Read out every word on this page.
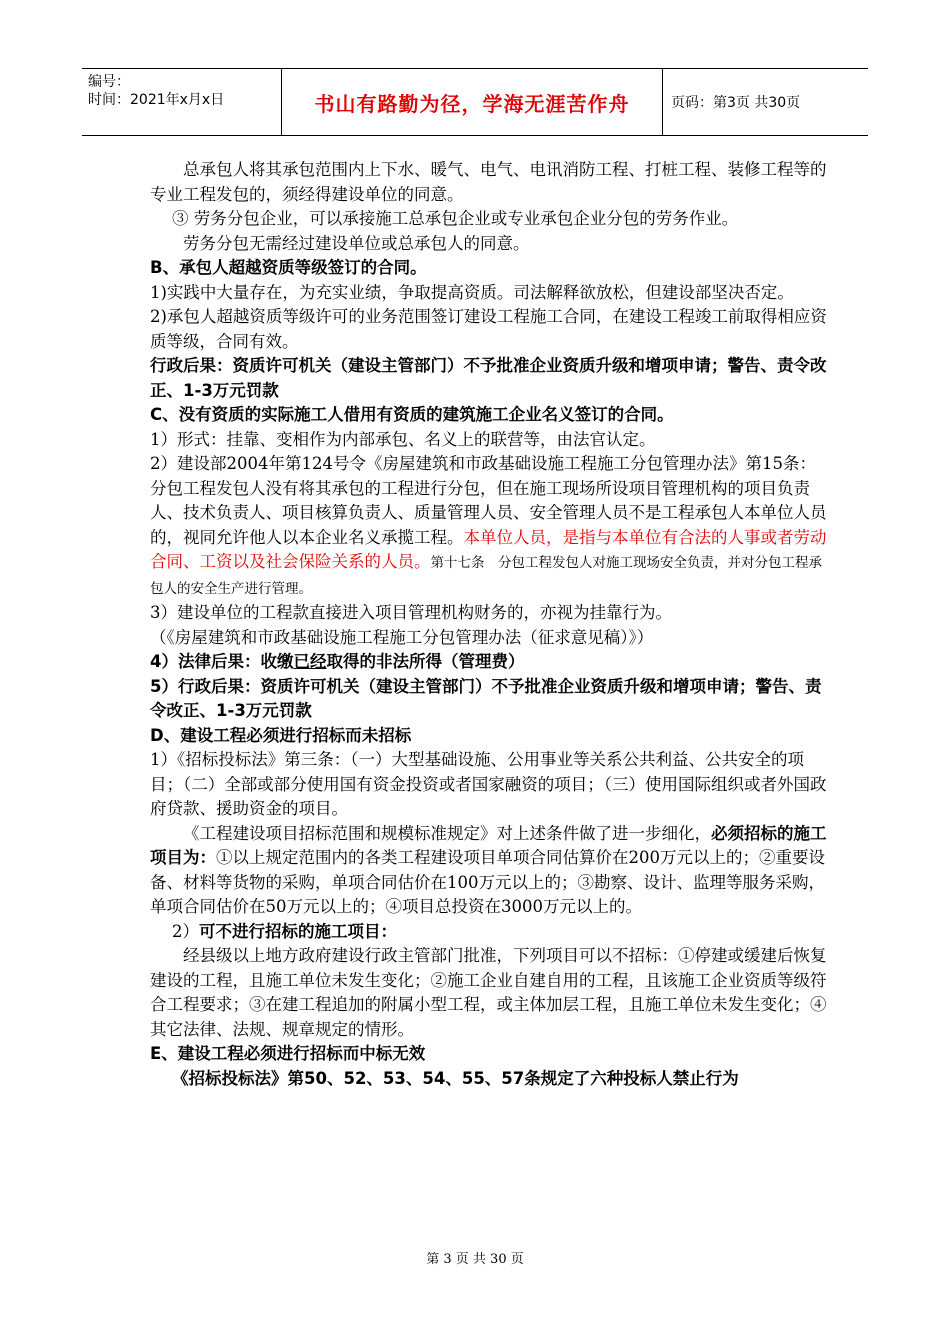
编号：
时间：2021年x月x日	书山有路勤为径，学海无涯苦作舟	页码：第3页 共30页

总承包人将其承包范围内上下水、暖气、电气、电讯消防工程、打桩工程、装修工程等的专业工程发包的，须经得建设单位的同意。

③ 劳务分包企业，可以承接施工总承包企业或专业承包企业分包的劳务作业。

劳务分包无需经过建设单位或总承包人的同意。

B、承包人超越资质等级签订的合同。

1)实践中大量存在，为充实业绩，争取提高资质。司法解释欲放松，但建设部坚决否定。

2)承包人超越资质等级许可的业务范围签订建设工程施工合同，在建设工程竣工前取得相应资质等级，合同有效。

行政后果：资质许可机关（建设主管部门）不予批准企业资质升级和增项申请；警告、责令改正、1-3万元罚款

C、没有资质的实际施工人借用有资质的建筑施工企业名义签订的合同。

1）形式：挂靠、变相作为内部承包、名义上的联营等，由法官认定。

2）建设部2004年第124号令《房屋建筑和市政基础设施工程施工分包管理办法》第15条：分包工程发包人没有将其承包的工程进行分包，但在施工现场所设项目管理机构的项目负责人、技术负责人、项目核算负责人、质量管理人员、安全管理人员不是工程承包人本单位人员的，视同允许他人以本企业名义承揽工程。本单位人员，是指与本单位有合法的人事或者劳动合同、工资以及社会保险关系的人员。第十七条　分包工程发包人对施工现场安全负责，并对分包工程承包人的安全生产进行管理。

3）建设单位的工程款直接进入项目管理机构财务的，亦视为挂靠行为。

（《房屋建筑和市政基础设施工程施工分包管理办法（征求意见稿）》）

4）法律后果：收缴已经取得的非法所得（管理费）

5）行政后果：资质许可机关（建设主管部门）不予批准企业资质升级和增项申请；警告、责令改正、1-3万元罚款

D、建设工程必须进行招标而未招标

1）《招标投标法》第三条：（一）大型基础设施、公用事业等关系公共利益、公共安全的项目；（二）全部或部分使用国有资金投资或者国家融资的项目；（三）使用国际组织或者外国政府贷款、援助资金的项目。

《工程建设项目招标范围和规模标准规定》对上述条件做了进一步细化，必须招标的施工项目为：①以上规定范围内的各类工程建设项目单项合同估算价在200万元以上的；②重要设备、材料等货物的采购，单项合同估价在100万元以上的；③勘察、设计、监理等服务采购，单项合同估价在50万元以上的；④项目总投资在3000万元以上的。

2）可不进行招标的施工项目：

经县级以上地方政府建设行政主管部门批准，下列项目可以不招标：①停建或缓建后恢复建设的工程，且施工单位未发生变化；②施工企业自建自用的工程，且该施工企业资质等级符合工程要求；③在建工程追加的附属小型工程，或主体加层工程，且施工单位未发生变化；④其它法律、法规、规章规定的情形。

E、建设工程必须进行招标而中标无效

《招标投标法》第50、52、53、54、55、57条规定了六种投标人禁止行为

第 3 页 共 30 页
